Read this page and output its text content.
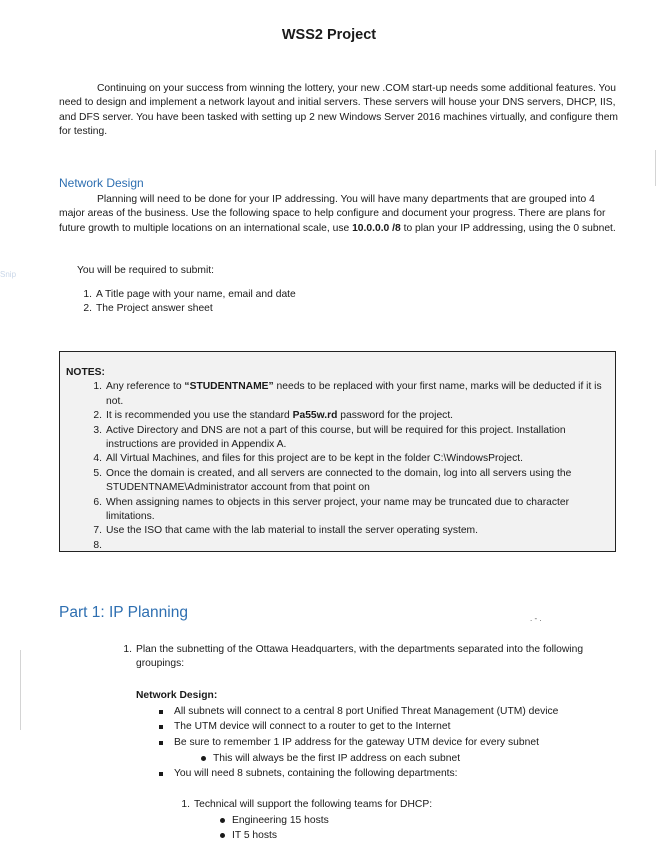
WSS2 Project
Continuing on your success from winning the lottery, your new .COM start-up needs some additional features. You need to design and implement a network layout and initial servers. These servers will house your DNS servers, DHCP, IIS, and DFS server. You have been tasked with setting up 2 new Windows Server 2016 machines virtually, and configure them for testing.
Network Design
Planning will need to be done for your IP addressing. You will have many departments that are grouped into 4 major areas of the business. Use the following space to help configure and document your progress. There are plans for future growth to multiple locations on an international scale, use 10.0.0.0 /8 to plan your IP addressing, using the 0 subnet.
Snip	You will be required to submit:
1. A Title page with your name, email and date
2. The Project answer sheet
NOTES:
1. Any reference to “STUDENTNAME” needs to be replaced with your first name, marks will be deducted if it is not.
2. It is recommended you use the standard Pa55w.rd password for the project.
3. Active Directory and DNS are not a part of this course, but will be required for this project. Installation instructions are provided in Appendix A.
4. All Virtual Machines, and files for this project are to be kept in the folder C:\WindowsProject.
5. Once the domain is created, and all servers are connected to the domain, log into all servers using the STUDENTNAME\Administrator account from that point on
6. When assigning names to objects in this server project, your name may be truncated due to character limitations.
7. Use the ISO that came with the lab material to install the server operating system.
8.
Part 1: IP Planning	. - .
1. Plan the subnetting of the Ottawa Headquarters, with the departments separated into the following groupings:
Network Design:
All subnets will connect to a central 8 port Unified Threat Management (UTM) device
The UTM device will connect to a router to get to the Internet
Be sure to remember 1 IP address for the gateway UTM device for every subnet
This will always be the first IP address on each subnet
You will need 8 subnets, containing the following departments:
1. Technical will support the following teams for DHCP:
Engineering 15 hosts
IT 5 hosts
